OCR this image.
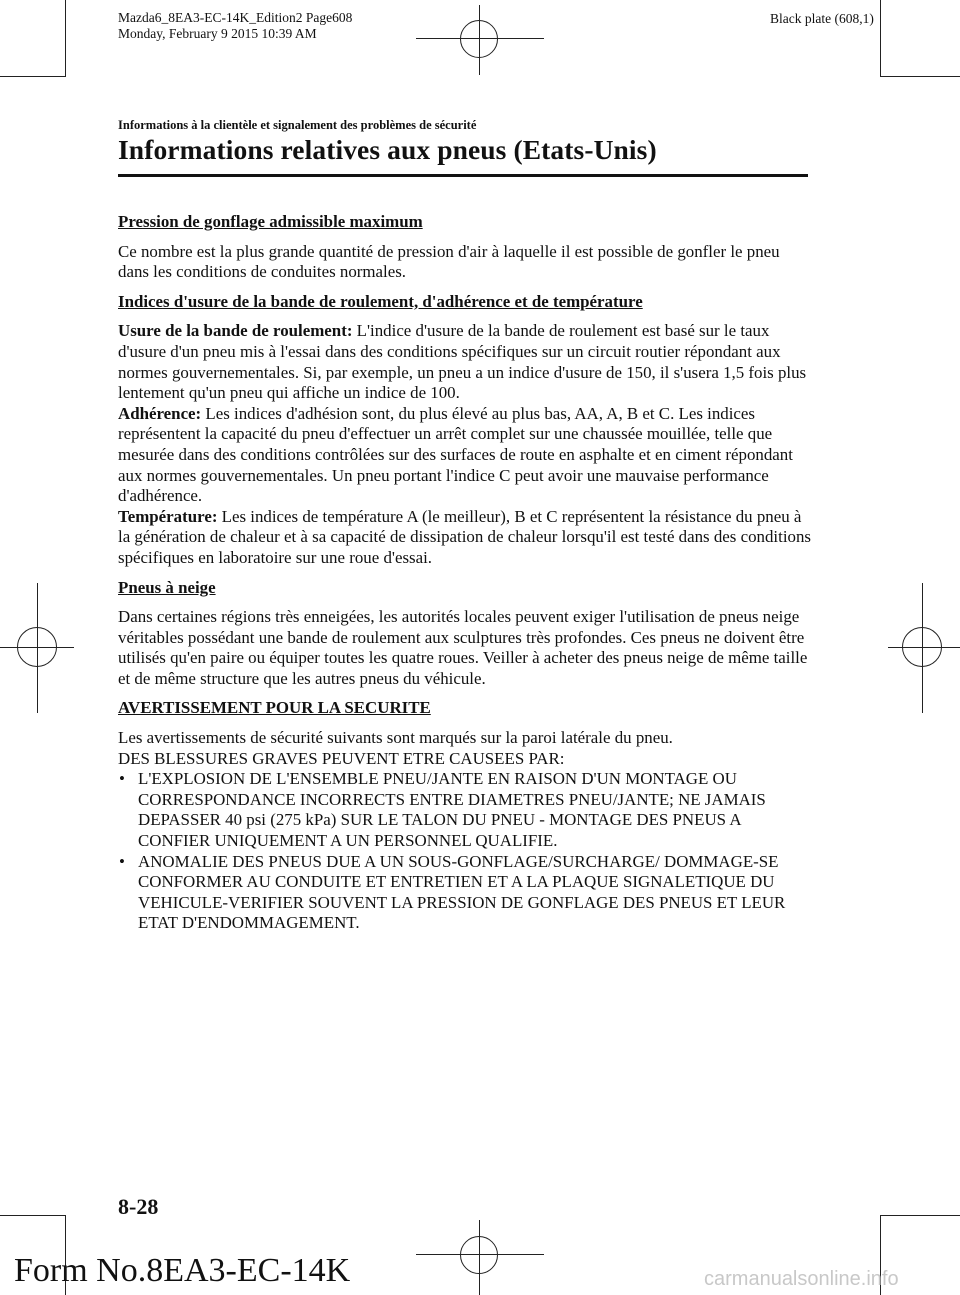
Mazda6_8EA3-EC-14K_Edition2 Page608
Monday, February 9 2015 10:39 AM
Black plate (608,1)
Informations à la clientèle et signalement des problèmes de sécurité
Informations relatives aux pneus (Etats-Unis)

Pression de gonflage admissible maximum

Ce nombre est la plus grande quantité de pression d'air à laquelle il est possible de gonfler le pneu dans les conditions de conduites normales.

Indices d'usure de la bande de roulement, d'adhérence et de température

Usure de la bande de roulement: L'indice d'usure de la bande de roulement est basé sur le taux d'usure d'un pneu mis à l'essai dans des conditions spécifiques sur un circuit routier répondant aux normes gouvernementales. Si, par exemple, un pneu a un indice d'usure de 150, il s'usera 1,5 fois plus lentement qu'un pneu qui affiche un indice de 100.

Adhérence: Les indices d'adhésion sont, du plus élevé au plus bas, AA, A, B et C. Les indices représentent la capacité du pneu d'effectuer un arrêt complet sur une chaussée mouillée, telle que mesurée dans des conditions contrôlées sur des surfaces de route en asphalte et en ciment répondant aux normes gouvernementales. Un pneu portant l'indice C peut avoir une mauvaise performance d'adhérence.

Température: Les indices de température A (le meilleur), B et C représentent la résistance du pneu à la génération de chaleur et à sa capacité de dissipation de chaleur lorsqu'il est testé dans des conditions spécifiques en laboratoire sur une roue d'essai.

Pneus à neige

Dans certaines régions très enneigées, les autorités locales peuvent exiger l'utilisation de pneus neige véritables possédant une bande de roulement aux sculptures très profondes. Ces pneus ne doivent être utilisés qu'en paire ou équiper toutes les quatre roues. Veiller à acheter des pneus neige de même taille et de même structure que les autres pneus du véhicule.

AVERTISSEMENT POUR LA SECURITE

Les avertissements de sécurité suivants sont marqués sur la paroi latérale du pneu.

DES BLESSURES GRAVES PEUVENT ETRE CAUSEES PAR:

• L'EXPLOSION DE L'ENSEMBLE PNEU/JANTE EN RAISON D'UN MONTAGE OU CORRESPONDANCE INCORRECTS ENTRE DIAMETRES PNEU/JANTE; NE JAMAIS DEPASSER 40 psi (275 kPa) SUR LE TALON DU PNEU - MONTAGE DES PNEUS A CONFIER UNIQUEMENT A UN PERSONNEL QUALIFIE.
• ANOMALIE DES PNEUS DUE A UN SOUS-GONFLAGE/SURCHARGE/ DOMMAGE-SE CONFORMER AU CONDUITE ET ENTRETIEN ET A LA PLAQUE SIGNALETIQUE DU VEHICULE-VERIFIER SOUVENT LA PRESSION DE GONFLAGE DES PNEUS ET LEUR ETAT D'ENDOMMAGEMENT.
8-28
Form No.8EA3-EC-14K	carmanualsonline.info
